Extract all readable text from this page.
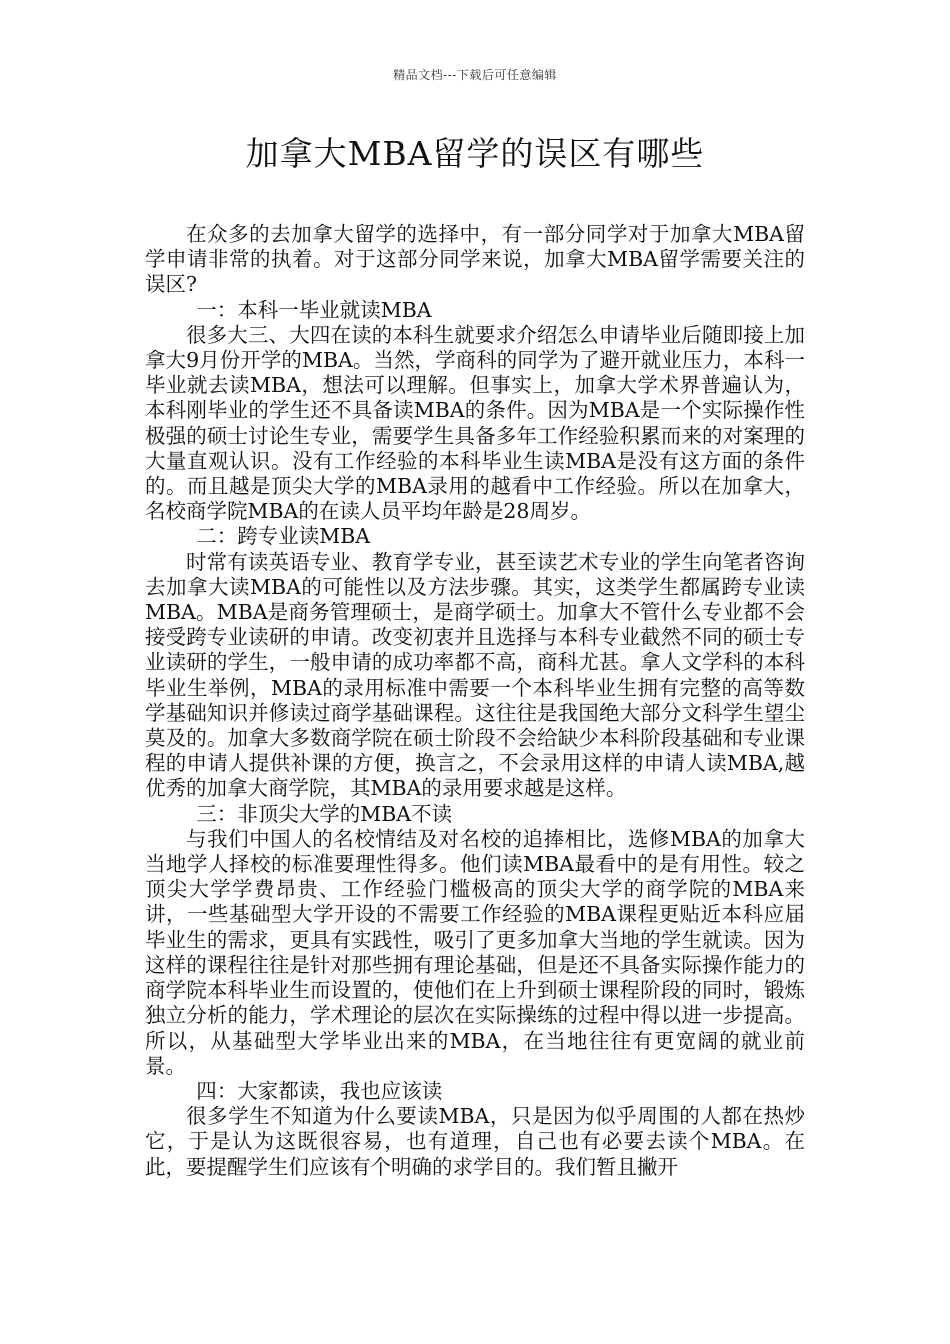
精品文档---下载后可任意编辑
加拿大MBA留学的误区有哪些

在众多的去加拿大留学的选择中，有一部分同学对于加拿大MBA留学申请非常的执着。对于这部分同学来说，加拿大MBA留学需要关注的误区?

一：本科一毕业就读MBA

很多大三、大四在读的本科生就要求介绍怎么申请毕业后随即接上加拿大9月份开学的MBA。当然，学商科的同学为了避开就业压力，本科一毕业就去读MBA，想法可以理解。但事实上，加拿大学术界普遍认为，本科刚毕业的学生还不具备读MBA的条件。因为MBA是一个实际操作性极强的硕士讨论生专业，需要学生具备多年工作经验积累而来的对案理的大量直观认识。没有工作经验的本科毕业生读MBA是没有这方面的条件的。而且越是顶尖大学的MBA录用的越看中工作经验。所以在加拿大，名校商学院MBA的在读人员平均年龄是28周岁。

二：跨专业读MBA

时常有读英语专业、教育学专业，甚至读艺术专业的学生向笔者咨询去加拿大读MBA的可能性以及方法步骤。其实，这类学生都属跨专业读MBA。MBA是商务管理硕士，是商学硕士。加拿大不管什么专业都不会接受跨专业读研的申请。改变初衷并且选择与本科专业截然不同的硕士专业读研的学生，一般申请的成功率都不高，商科尤甚。拿人文学科的本科毕业生举例，MBA的录用标准中需要一个本科毕业生拥有完整的高等数学基础知识并修读过商学基础课程。这往往是我国绝大部分文科学生望尘莫及的。加拿大多数商学院在硕士阶段不会给缺少本科阶段基础和专业课程的申请人提供补课的方便，换言之，不会录用这样的申请人读MBA,越优秀的加拿大商学院，其MBA的录用要求越是这样。

三：非顶尖大学的MBA不读

与我们中国人的名校情结及对名校的追捧相比，选修MBA的加拿大当地学人择校的标准要理性得多。他们读MBA最看中的是有用性。较之顶尖大学学费昂贵、工作经验门槛极高的顶尖大学的商学院的MBA来讲，一些基础型大学开设的不需要工作经验的MBA课程更贴近本科应届毕业生的需求，更具有实践性，吸引了更多加拿大当地的学生就读。因为这样的课程往往是针对那些拥有理论基础，但是还不具备实际操作能力的商学院本科毕业生而设置的，使他们在上升到硕士课程阶段的同时，锻炼独立分析的能力，学术理论的层次在实际操练的过程中得以进一步提高。所以，从基础型大学毕业出来的MBA，在当地往往有更宽阔的就业前景。

四：大家都读，我也应该读

很多学生不知道为什么要读MBA，只是因为似乎周围的人都在热炒它，于是认为这既很容易，也有道理，自己也有必要去读个MBA。在此，要提醒学生们应该有个明确的求学目的。我们暂且撇开
